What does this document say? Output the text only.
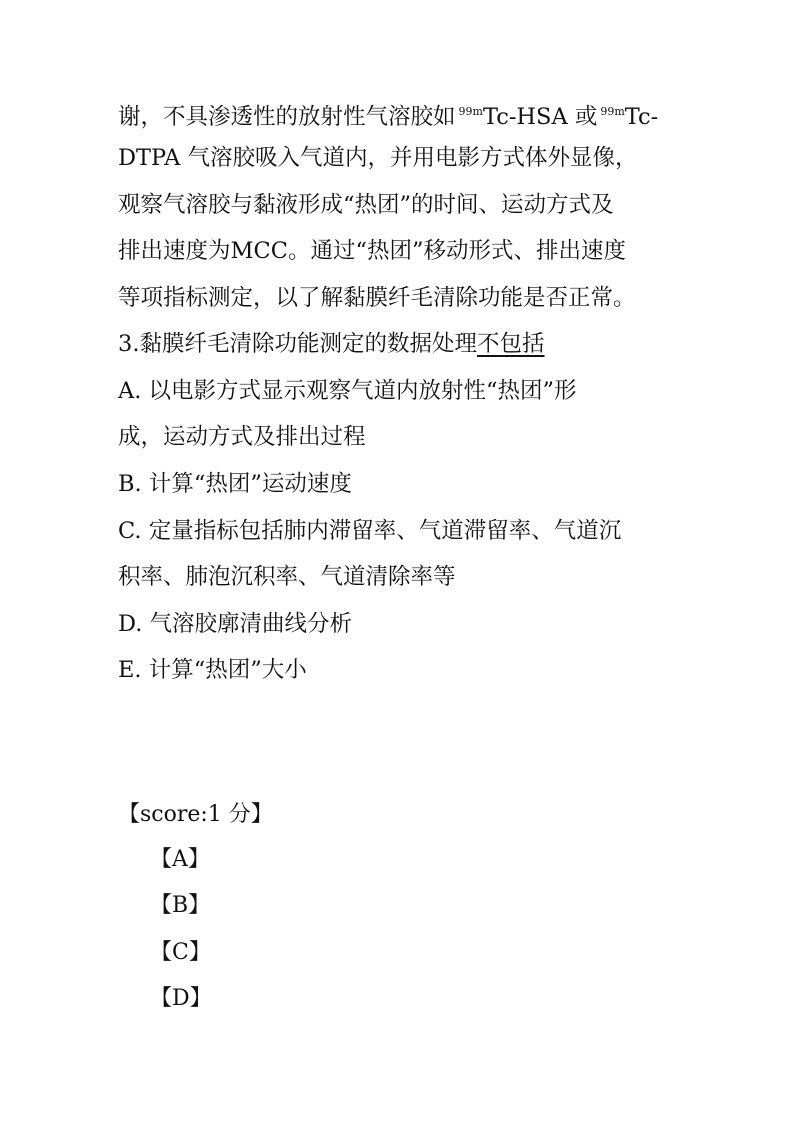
谢，不具渗透性的放射性气溶胶如 $^{99m}$Tc-HSA 或 $^{99m}$Tc-
DTPA 气溶胶吸入气道内，并用电影方式体外显像，
观察气溶胶与黏液形成“热团”的时间、运动方式及
排出速度为MCC。通过“热团”移动形式、排出速度
等项指标测定，以了解黏膜纤毛清除功能是否正常。
3.黏膜纤毛清除功能测定的数据处理不包括
A. 以电影方式显示观察气道内放射性“热团”形
成，运动方式及排出过程
B. 计算“热团”运动速度
C. 定量指标包括肺内滞留率、气道滞留率、气道沉
积率、肺泡沉积率、气道清除率等
D. 气溶胶廓清曲线分析
E. 计算“热团”大小
【score:1 分】
【A】
【B】
【C】
【D】
